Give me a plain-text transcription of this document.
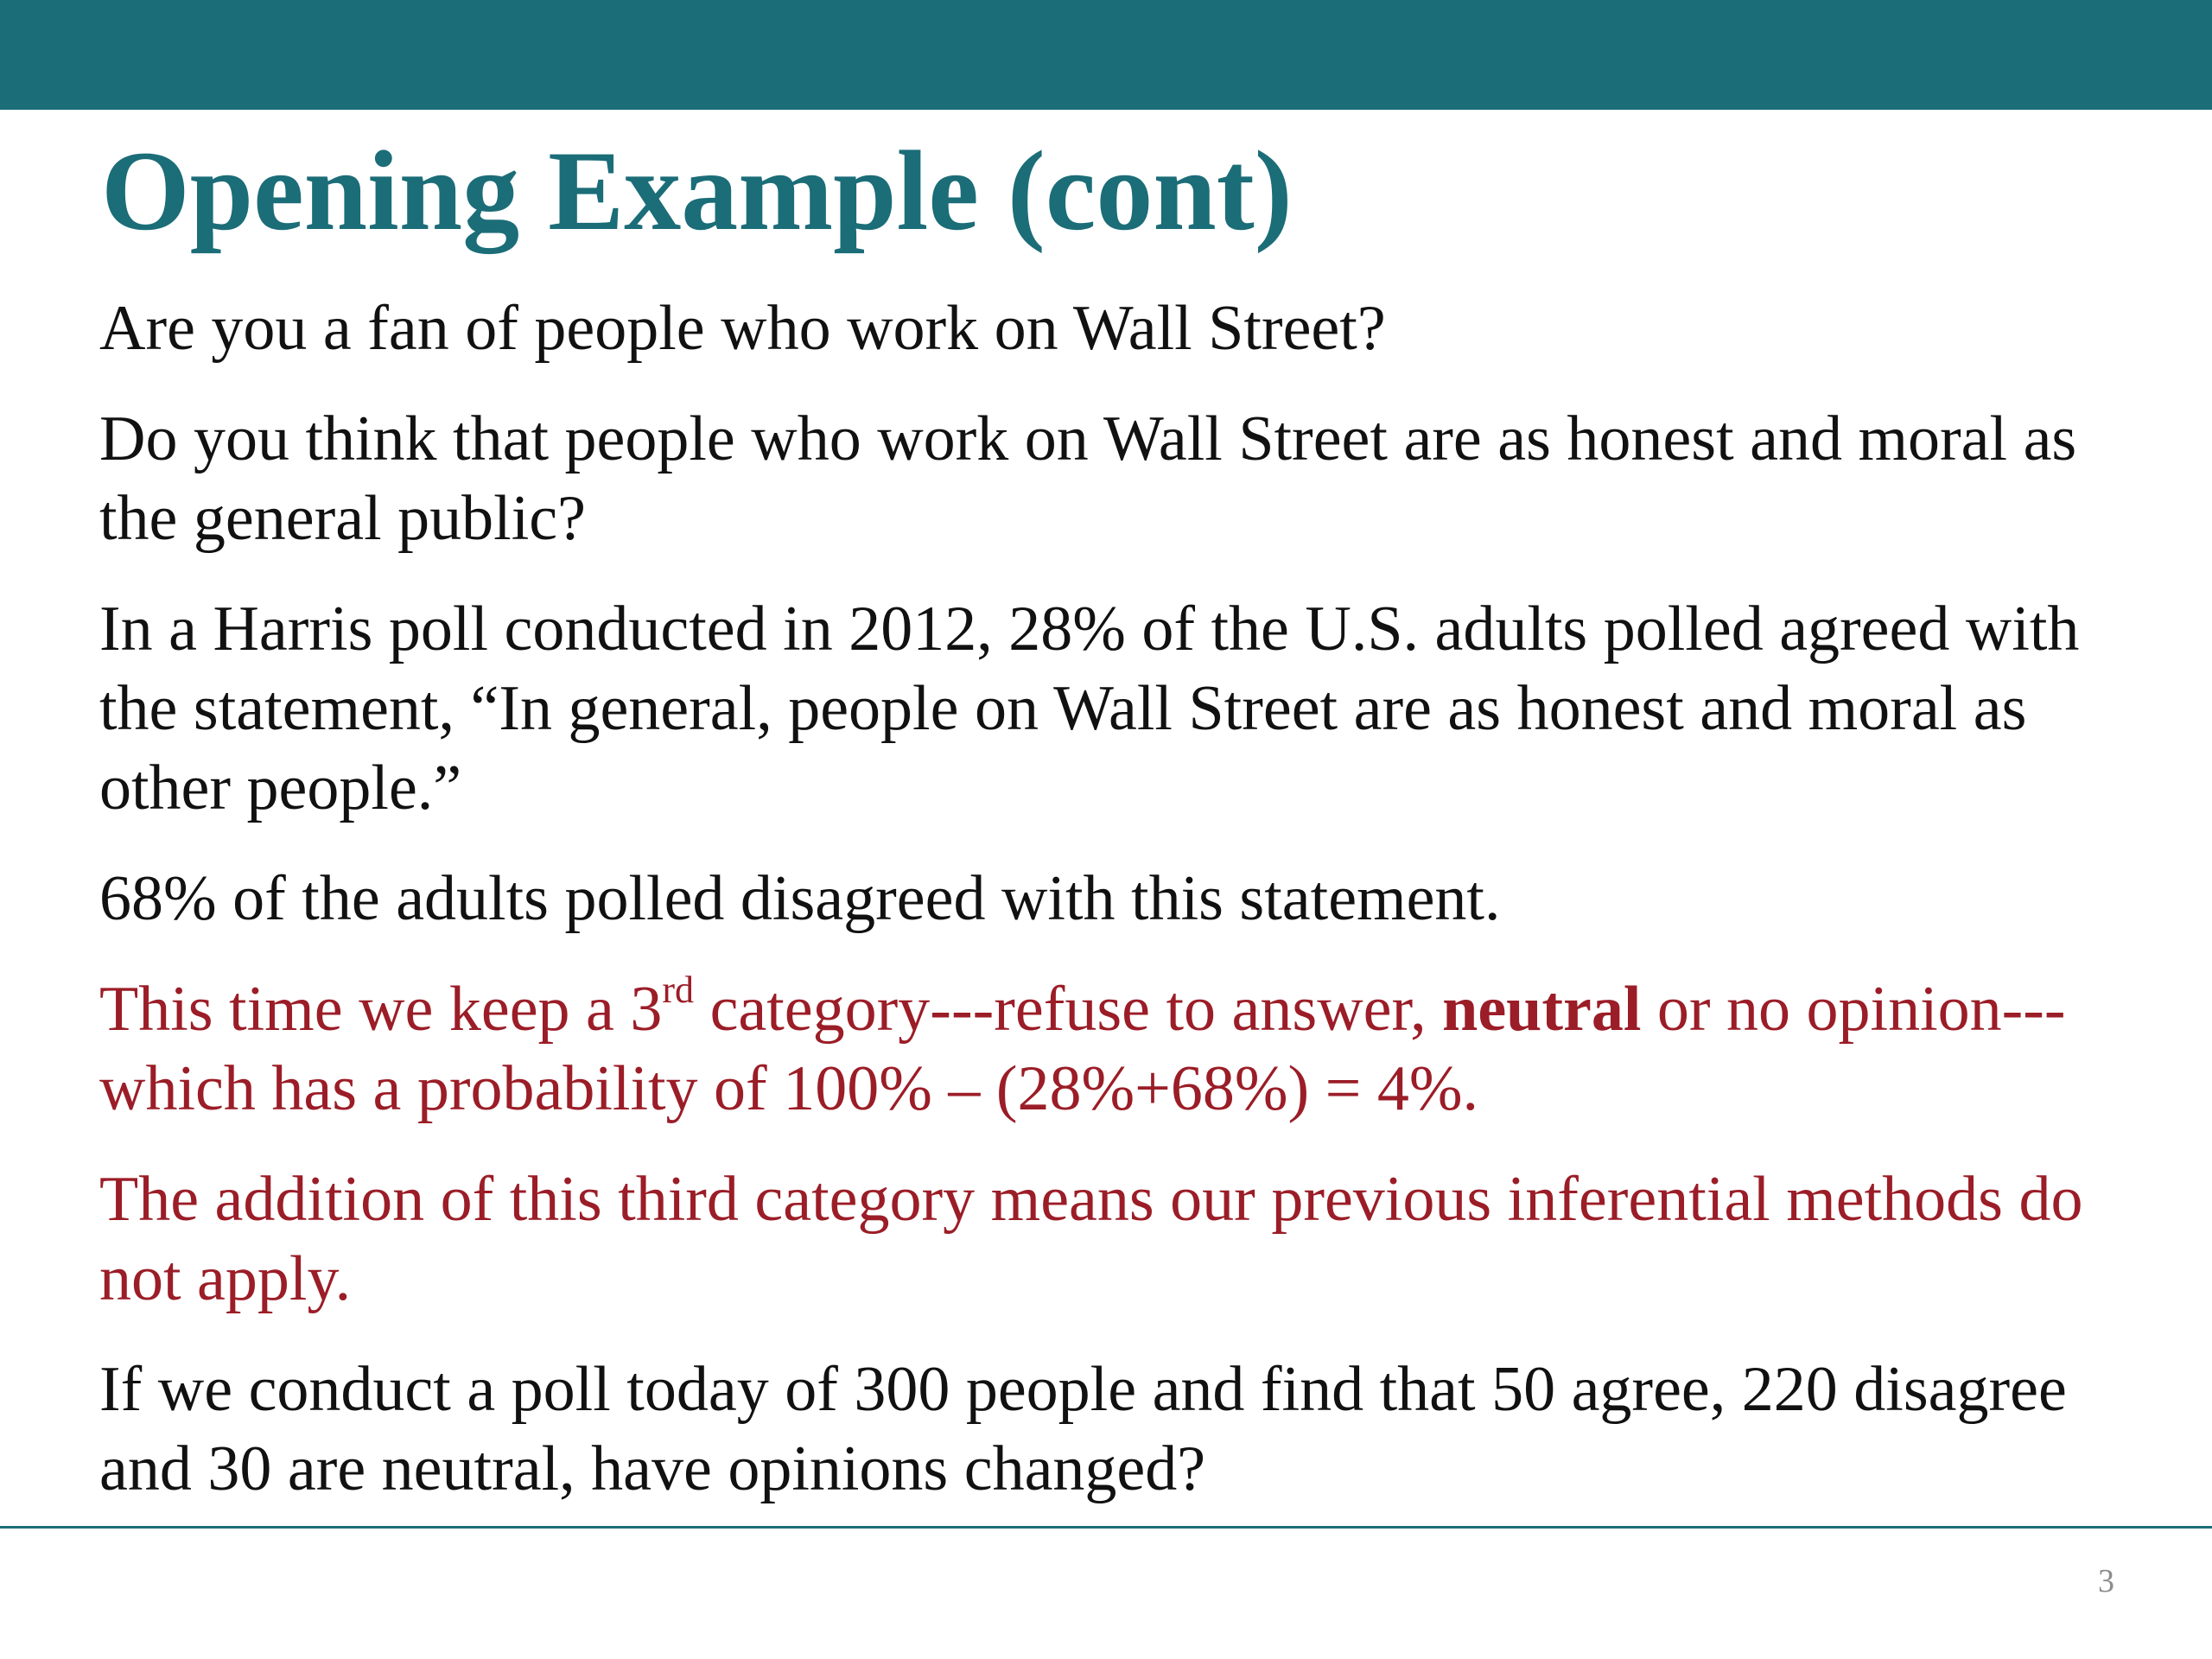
Opening Example (cont)

Are you a fan of people who work on Wall Street?

Do you think that people who work on Wall Street are as honest and moral as the general public?

In a Harris poll conducted in 2012, 28% of the U.S. adults polled agreed with the statement, “In general, people on Wall Street are as honest and moral as other people.”

68% of the adults polled disagreed with this statement.

This time we keep a 3rd category---refuse to answer, neutral or no opinion---which has a probability of 100% – (28%+68%) = 4%.

The addition of this third category means our previous inferential methods do not apply.

If we conduct a poll today of 300 people and find that 50 agree, 220 disagree and 30 are neutral, have opinions changed?

3
